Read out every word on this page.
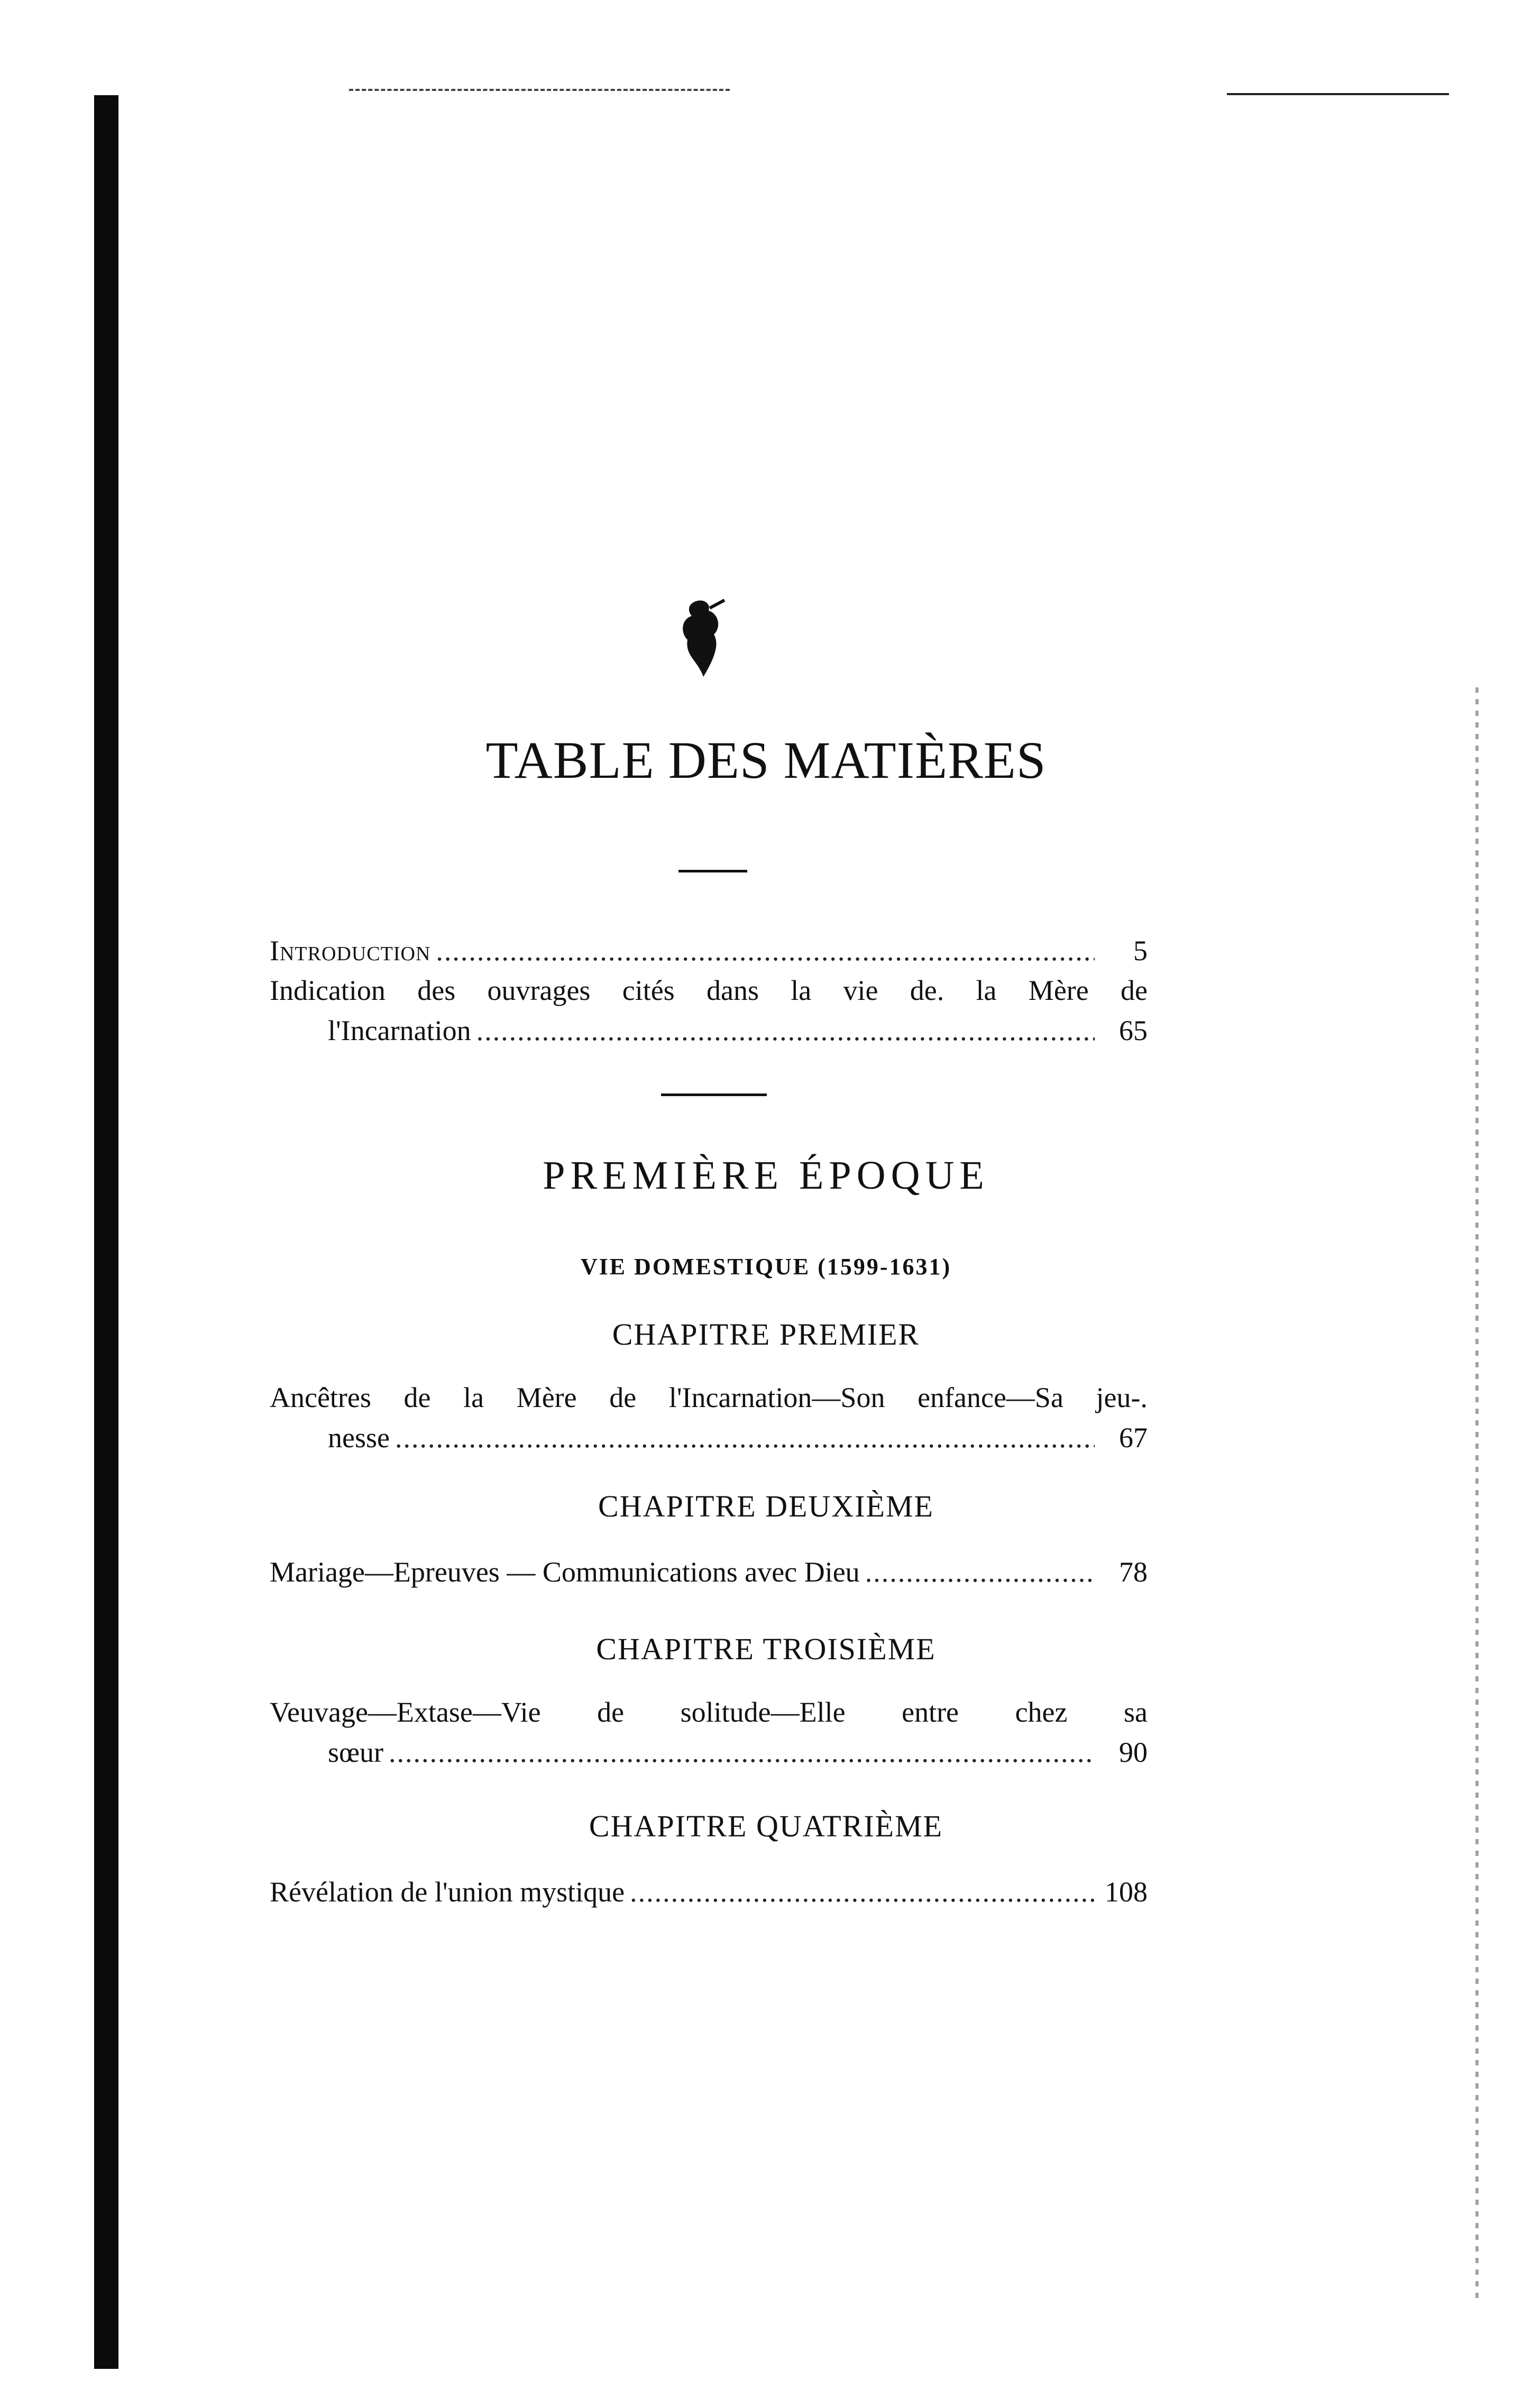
TABLE DES MATIÈRES
Introduction .....	5
Indication des ouvrages cités dans la vie de. la Mère de
l'Incarnation .....	65
PREMIÈRE ÉPOQUE
VIE DOMESTIQUE (1599-1631)
CHAPITRE PREMIER
Ancêtres de la Mère de l'Incarnation—Son enfance—Sa jeu-.
nesse .....	67
CHAPITRE DEUXIÈME
Mariage—Epreuves — Communications avec Dieu .....	78
CHAPITRE TROISIÈME
Veuvage—Extase—Vie de solitude—Elle entre chez sa
sœur .....	90
CHAPITRE QUATRIÈME
Révélation de l'union mystique .....	108
